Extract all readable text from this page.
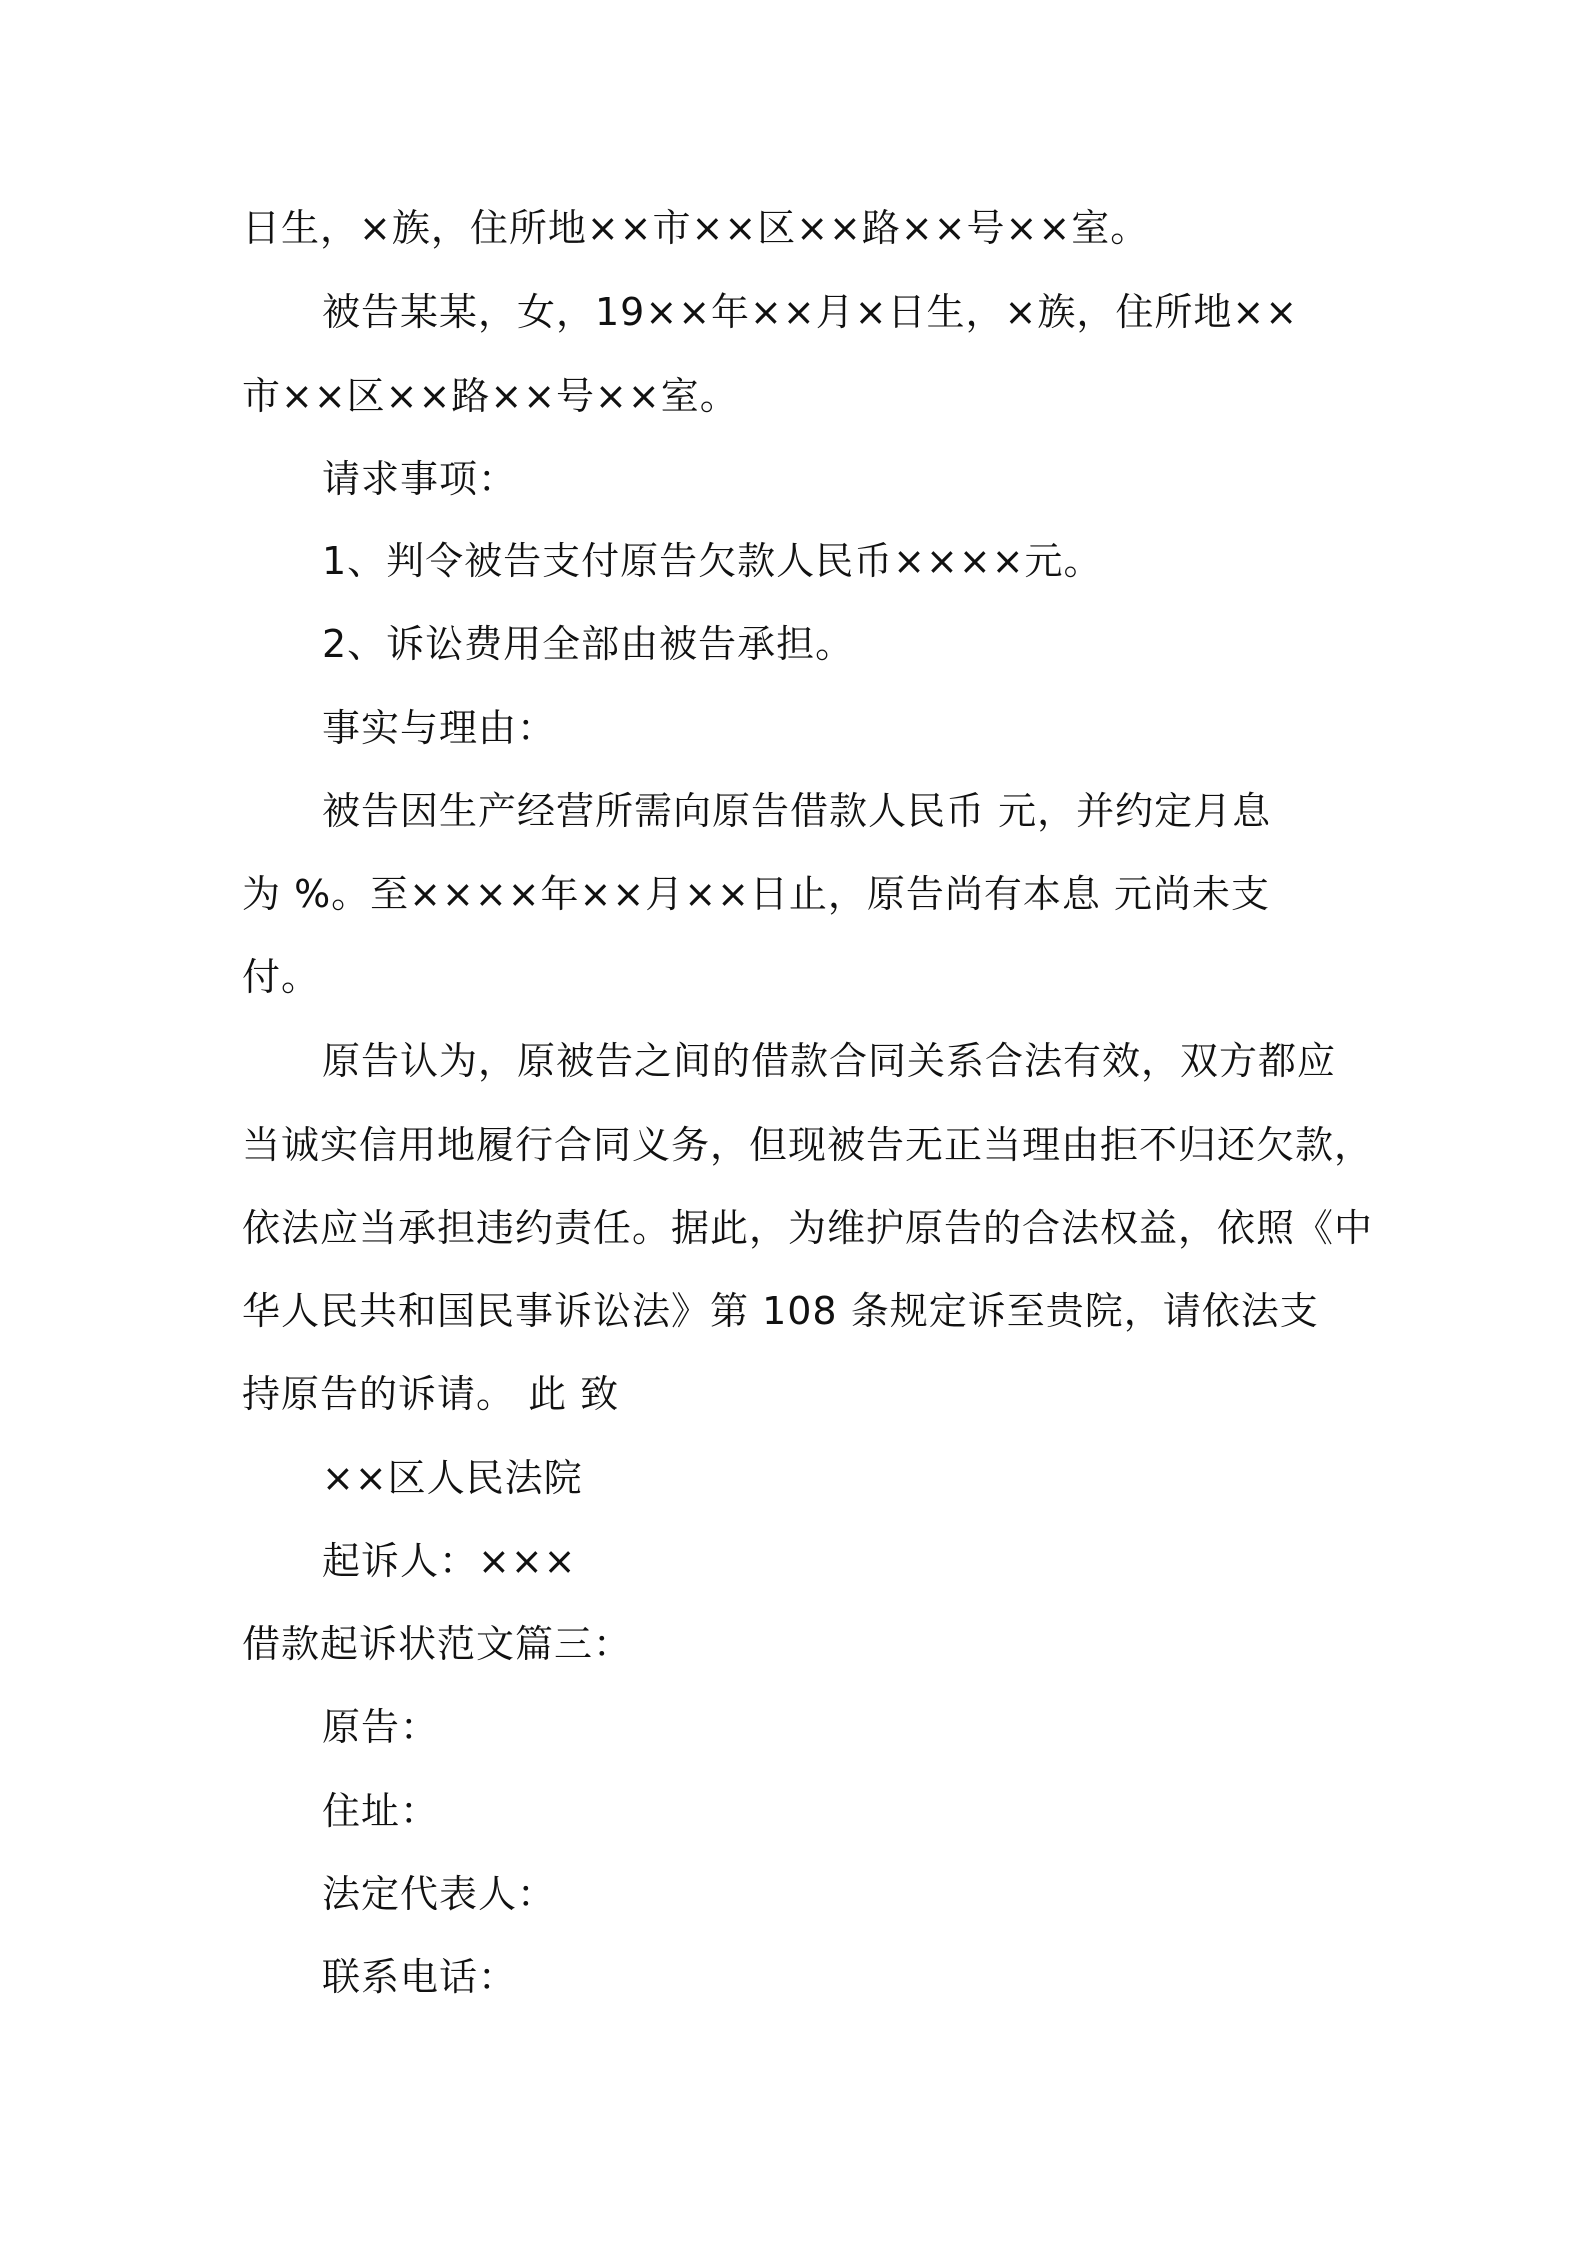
日生，×族，住所地××市××区××路××号××室。
被告某某，女，19××年××月×日生，×族，住所地××
市××区××路××号××室。
请求事项：
1、判令被告支付原告欠款人民币××××元。
2、诉讼费用全部由被告承担。
事实与理由：
被告因生产经营所需向原告借款人民币 元，并约定月息
为 %。至××××年××月××日止，原告尚有本息 元尚未支
付。
原告认为，原被告之间的借款合同关系合法有效，双方都应
当诚实信用地履行合同义务，但现被告无正当理由拒不归还欠款，
依法应当承担违约责任。据此，为维护原告的合法权益，依照《中
华人民共和国民事诉讼法》第 108 条规定诉至贵院，请依法支
持原告的诉请。 此 致
××区人民法院
起诉人：×××
借款起诉状范文篇三：
原告：
住址：
法定代表人：
联系电话：
